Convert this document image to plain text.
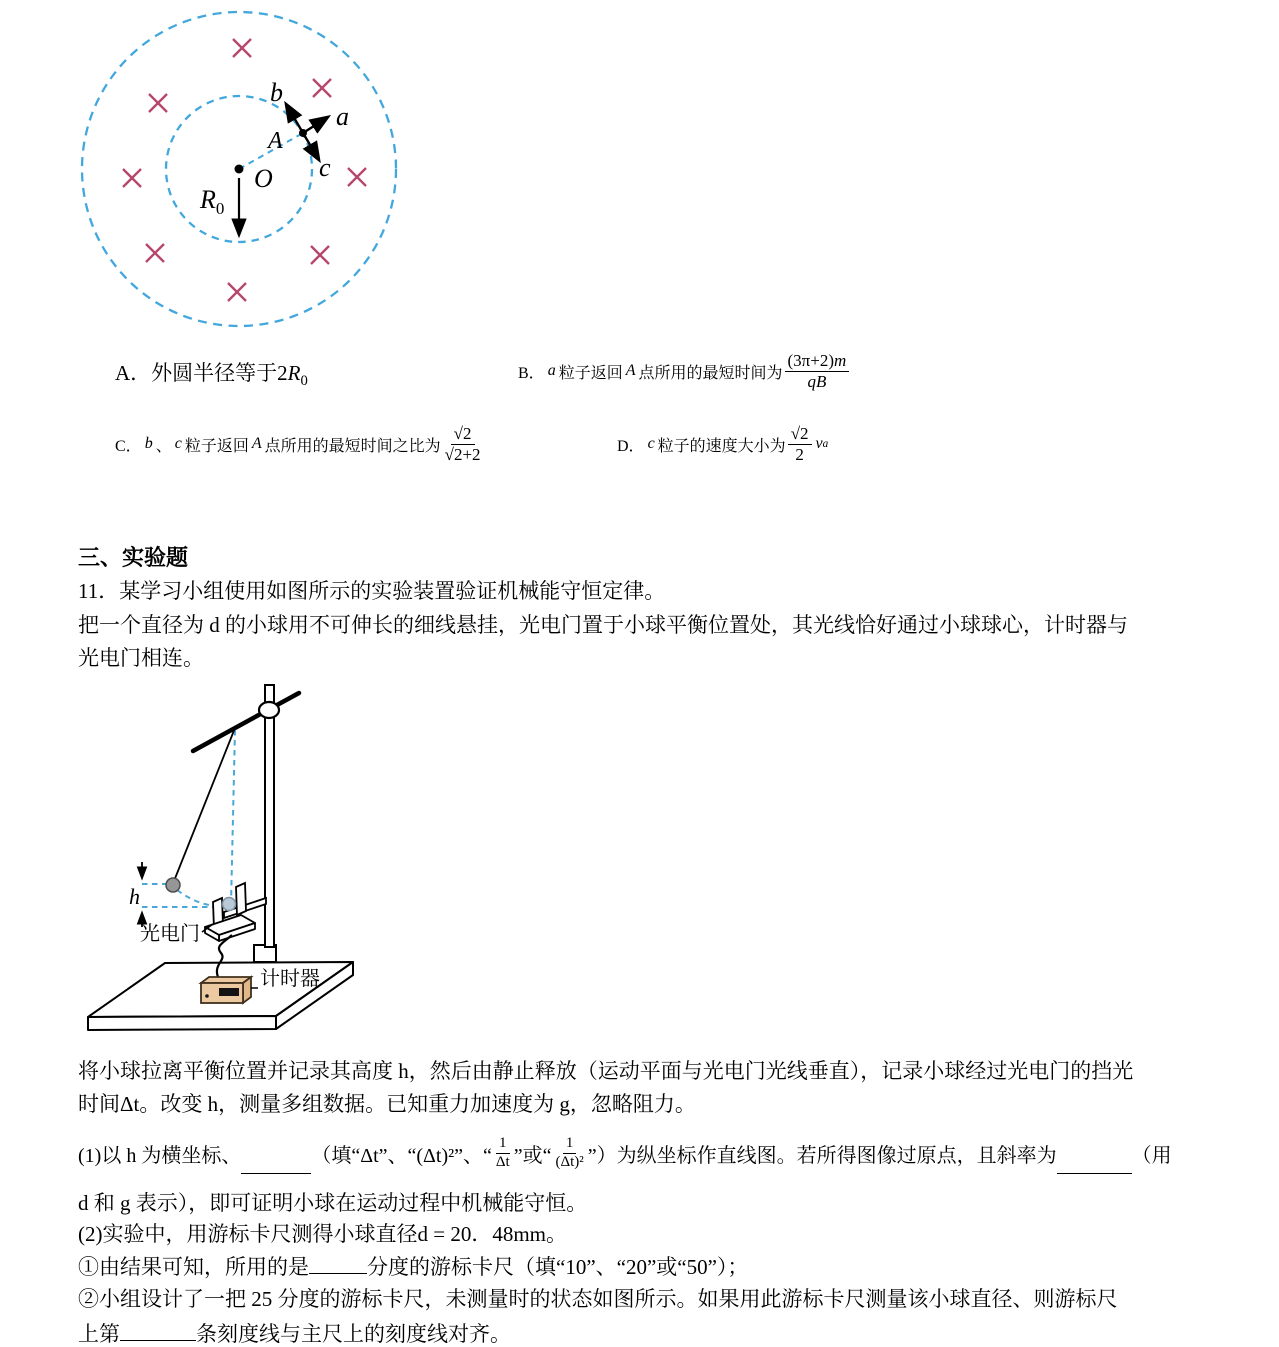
O
$R_0$
A
b
a
c
A．外圆半径等于$2R_0$	B． a 粒子返回 A 点所用的最短时间为 $\frac{(3\pi+2)m}{qB}$
C． b 、 c 粒子返回 A 点所用的最短时间之比为 $\frac{√2}{√2+2}$	D． c 粒子的速度大小为 $\frac{√2}{2}$ v a
三、实验题
11．某学习小组使用如图所示的实验装置验证机械能守恒定律。
把一个直径为 d 的小球用不可伸长的细线悬挂，光电门置于小球平衡位置处，其光线恰好通过小球球心，计时器与
光电门相连。
h
光电门
计时器
将小球拉离平衡位置并记录其高度 h，然后由静止释放（运动平面与光电门光线垂直），记录小球经过光电门的挡光
时间Δt。改变 h，测量多组数据。已知重力加速度为 g，忽略阻力。
(1)以 h 为横坐标、	（填“Δt”、“(Δt)²”、“ $\frac{1}{\Delta t}$ ”或“ $\frac{1}{\text{(Δt)²}}$ ”）为纵坐标作直线图。若所得图像过原点，且斜率为	（用
d 和 g 表示），即可证明小球在运动过程中机械能守恒。
(2)实验中，用游标卡尺测得小球直径d = 20．48mm。
①由结果可知，所用的是	分度的游标卡尺（填“10”、“20”或“50”）；
②小组设计了一把 25 分度的游标卡尺，未测量时的状态如图所示。如果用此游标卡尺测量该小球直径、则游标尺
上第	条刻度线与主尺上的刻度线对齐。
